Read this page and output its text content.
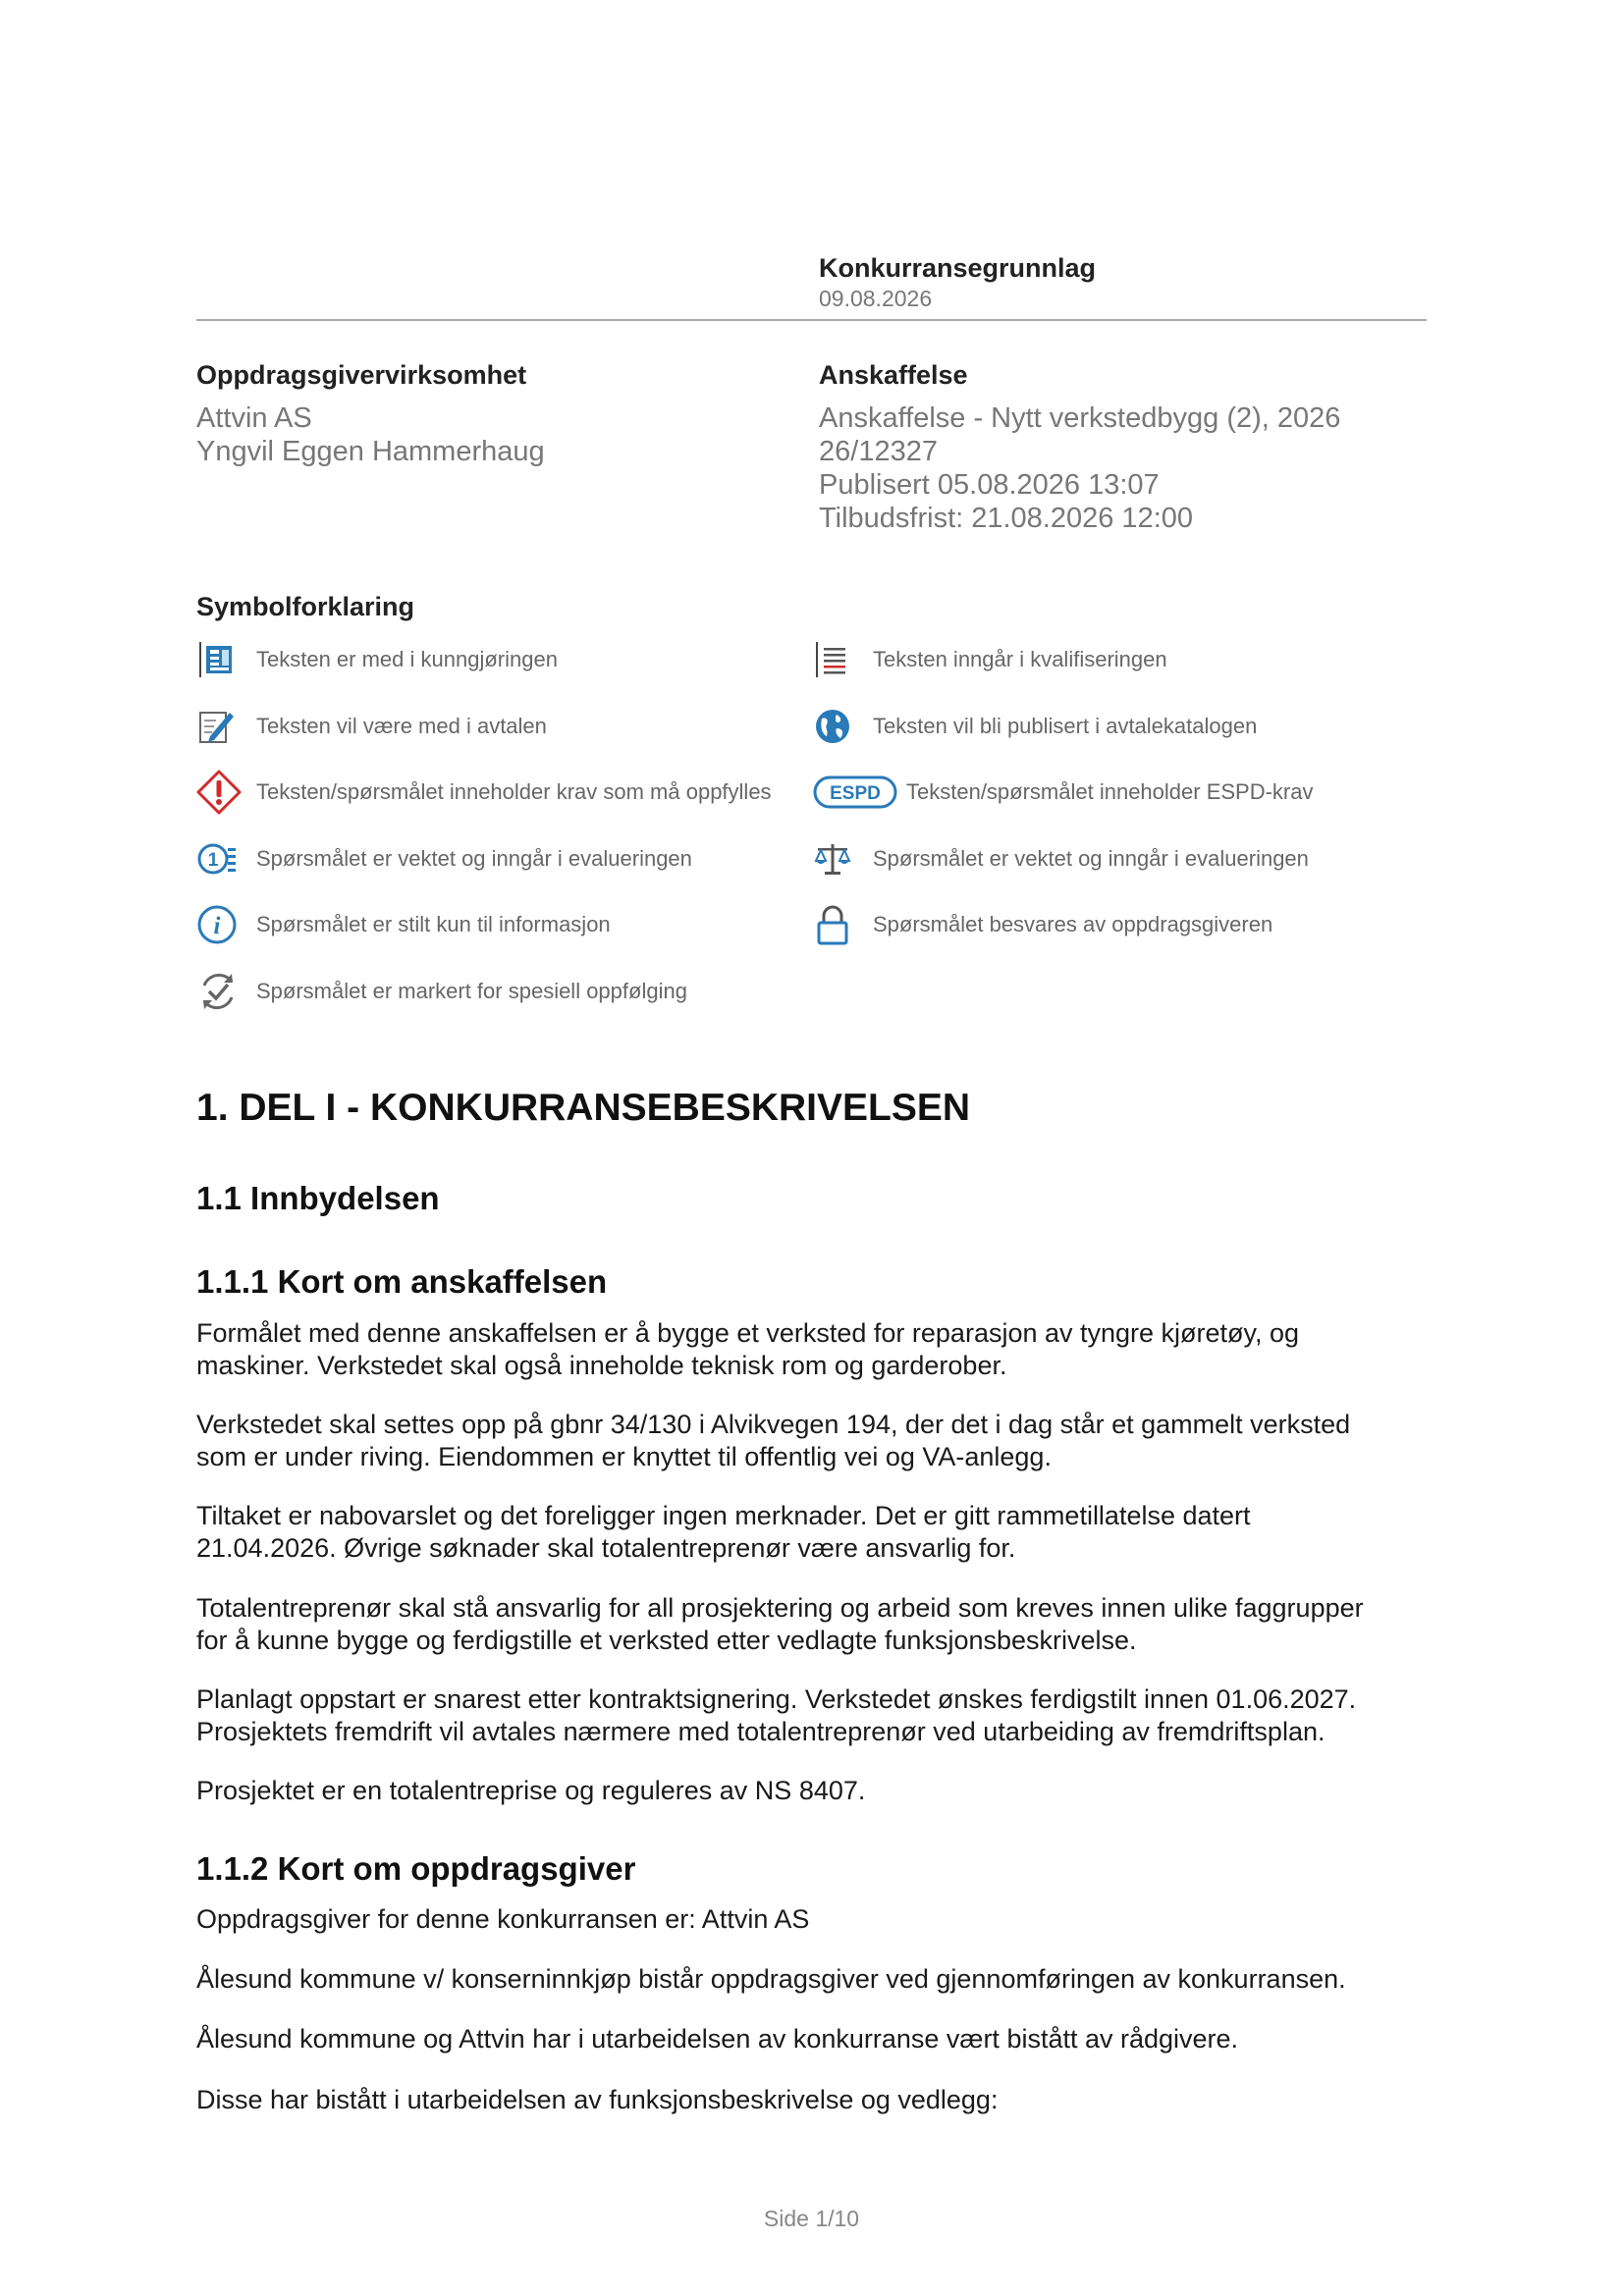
Konkurransegrunnlag
09.08.2026
Oppdragsgivervirksomhet
Attvin AS
Yngvil Eggen Hammerhaug
Anskaffelse
Anskaffelse - Nytt verkstedbygg (2), 2026
26/12327
Publisert 05.08.2026 13:07
Tilbudsfrist: 21.08.2026 12:00
Symbolforklaring
Teksten er med i kunngjøringen	Teksten inngår i kvalifiseringen
Teksten vil være med i avtalen	Teksten vil bli publisert i avtalekatalogen
Teksten/spørsmålet inneholder krav som må oppfylles	ESPD Teksten/spørsmålet inneholder ESPD-krav
1 Spørsmålet er vektet og inngår i evalueringen	Spørsmålet er vektet og inngår i evalueringen
i Spørsmålet er stilt kun til informasjon	Spørsmålet besvares av oppdragsgiveren
Spørsmålet er markert for spesiell oppfølging
1. DEL I - KONKURRANSEBESKRIVELSEN
1.1 Innbydelsen
1.1.1 Kort om anskaffelsen
Formålet med denne anskaffelsen er å bygge et verksted for reparasjon av tyngre kjøretøy, og
maskiner. Verkstedet skal også inneholde teknisk rom og garderober.
Verkstedet skal settes opp på gbnr 34/130 i Alvikvegen 194, der det i dag står et gammelt verksted
som er under riving. Eiendommen er knyttet til offentlig vei og VA-anlegg.
Tiltaket er nabovarslet og det foreligger ingen merknader. Det er gitt rammetillatelse datert
21.04.2026. Øvrige søknader skal totalentreprenør være ansvarlig for.
Totalentreprenør skal stå ansvarlig for all prosjektering og arbeid som kreves innen ulike faggrupper
for å kunne bygge og ferdigstille et verksted etter vedlagte funksjonsbeskrivelse.
Planlagt oppstart er snarest etter kontraktsignering. Verkstedet ønskes ferdigstilt innen 01.06.2027.
Prosjektets fremdrift vil avtales nærmere med totalentreprenør ved utarbeiding av fremdriftsplan.
Prosjektet er en totalentreprise og reguleres av NS 8407.
1.1.2 Kort om oppdragsgiver
Oppdragsgiver for denne konkurransen er: Attvin AS
Ålesund kommune v/ konserninnkjøp bistår oppdragsgiver ved gjennomføringen av konkurransen.
Ålesund kommune og Attvin har i utarbeidelsen av konkurranse vært bistått av rådgivere.
Disse har bistått i utarbeidelsen av funksjonsbeskrivelse og vedlegg:
Side 1/10
